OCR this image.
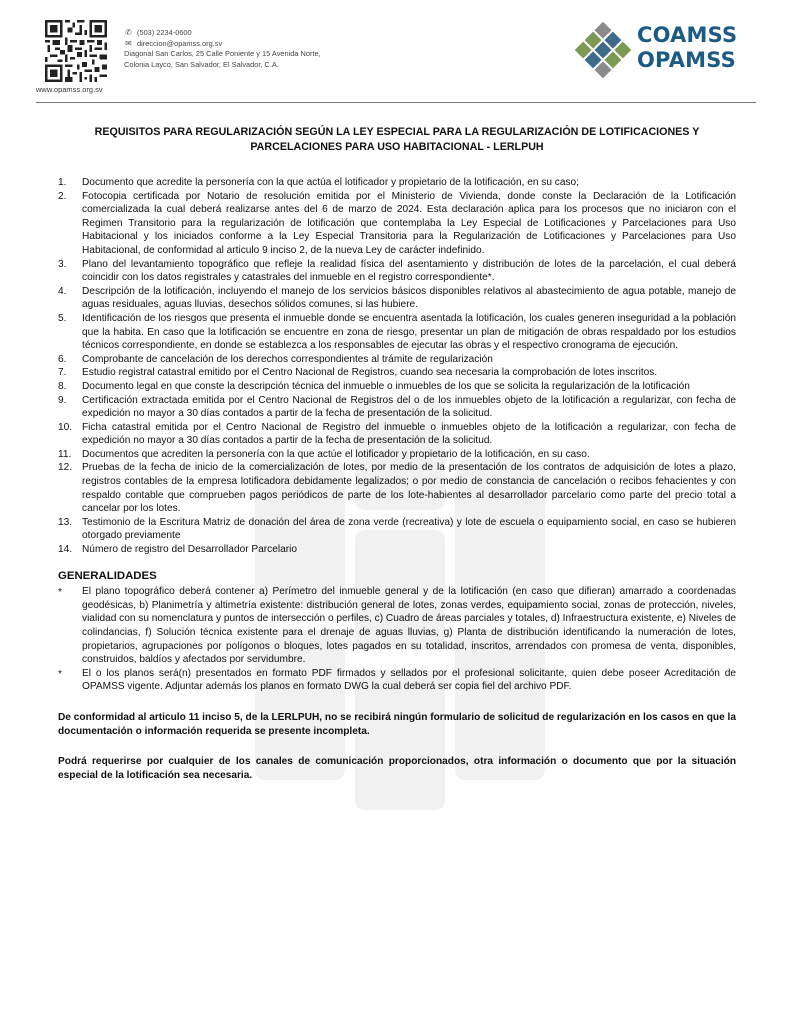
www.opamss.org.sv
✆ (503) 2234-0600
✉ direccion@opamss.org.sv
Diagonal San Carlos, 25 Calle Poniente y 15 Avenida Norte,
Colonia Layco, San Salvador, El Salvador, C.A.
COAMSS
OPAMSS
REQUISITOS PARA REGULARIZACIÓN SEGÚN LA LEY ESPECIAL PARA LA REGULARIZACIÓN DE LOTIFICACIONES Y PARCELACIONES PARA USO HABITACIONAL - LERLPUH
1. Documento que acredite la personería con la que actúa el lotificador y propietario de la lotificación, en su caso;
2. Fotocopia certificada por Notario de resolución emitida por el Ministerio de Vivienda, donde conste la Declaración de la Lotificación comercializada la cual deberá realizarse antes del 6 de marzo de 2024. Esta declaración aplica para los procesos que no iniciaron con el Regimen Transitorio para la regularización de lotificación que contemplaba la Ley Especial de Lotificaciones y Parcelaciones para Uso Habitacional y los iniciados conforme a la Ley Especial Transitoria para la Regularización de Lotificaciones y Parcelaciones para Uso Habitacional, de conformidad al articulo 9 inciso 2, de la nueva Ley de carácter indefinido.
3. Plano del levantamiento topográfico que refleje la realidad física del asentamiento y distribución de lotes de la parcelación, el cual deberá coincidir con los datos registrales y catastrales del inmueble en el registro correspondiente*.
4. Descripción de la lotificación, incluyendo el manejo de los servicios básicos disponibles relativos al abastecimiento de agua potable, manejo de aguas residuales, aguas lluvias, desechos sólidos comunes, si las hubiere.
5. Identificación de los riesgos que presenta el inmueble donde se encuentra asentada la lotificación, los cuales generen inseguridad a la población que la habita. En caso que la lotificación se encuentre en zona de riesgo, presentar un plan de mitigación de obras respaldado por los estudios técnicos correspondiente, en donde se establezca a los responsables de ejecutar las obras y el respectivo cronograma de ejecución.
6. Comprobante de cancelación de los derechos correspondientes al trámite de regularización
7. Estudio registral catastral emitido por el Centro Nacional de Registros, cuando sea necesaria la comprobación de lotes inscritos.
8. Documento legal en que conste la descripción técnica del inmueble o inmuebles de los que se solicita la regularización de la lotificación
9. Certificación extractada emitida por el Centro Nacional de Registros del o de los inmuebles objeto de la lotificación a regularizar, con fecha de expedición no mayor a 30 días contados a partir de la fecha de presentación de la solicitud.
10. Ficha catastral emitida por el Centro Nacional de Registro del inmueble o inmuebles objeto de la lotificación a regularizar, con fecha de expedición no mayor a 30 días contados a partir de la fecha de presentación de la solicitud.
11. Documentos que acrediten la personería con la que actúe el lotificador y propietario de la lotificación, en su caso.
12. Pruebas de la fecha de inicio de la comercialización de lotes, por medio de la presentación de los contratos de adquisición de lotes a plazo, registros contables de la empresa lotificadora debidamente legalizados; o por medio de constancia de cancelación o recibos fehacientes y con respaldo contable que comprueben pagos periódicos de parte de los lote-habientes al desarrollador parcelario como parte del precio total a cancelar por los lotes.
13. Testimonio de la Escritura Matriz de donación del área de zona verde (recreativa) y lote de escuela o equipamiento social, en caso se hubieren otorgado previamente
14. Número de registro del Desarrollador Parcelario
GENERALIDADES
* El plano topográfico deberá contener a) Perímetro del inmueble general y de la lotificación (en caso que difieran) amarrado a coordenadas geodésicas, b) Planimetría y altimetría existente: distribución general de lotes, zonas verdes, equipamiento social, zonas de protección, niveles, vialidad con su nomenclatura y puntos de intersección o perfiles, c) Cuadro de áreas parciales y totales, d) Infraestructura existente, e) Niveles de colindancias, f) Solución técnica existente para el drenaje de aguas lluvias, g) Planta de distribución identificando la numeración de lotes, propietarios, agrupaciones por polígonos o bloques, lotes pagados en su totalidad, inscritos, arrendados con promesa de venta, disponibles, construidos, baldíos y afectados por servidumbre.
* El o los planos será(n) presentados en formato PDF firmados y sellados por el profesional solicitante, quien debe poseer Acreditación de OPAMSS vigente. Adjuntar además los planos en formato DWG la cual deberá ser copia fiel del archivo PDF.
De conformidad al articulo 11 inciso 5, de la LERLPUH, no se recibirá ningún formulario de solicitud de regularización en los casos en que la documentación o información requerida se presente incompleta.
Podrá requerirse por cualquier de los canales de comunicación proporcionados, otra información o documento que por la situación especial de la lotificación sea necesaria.
